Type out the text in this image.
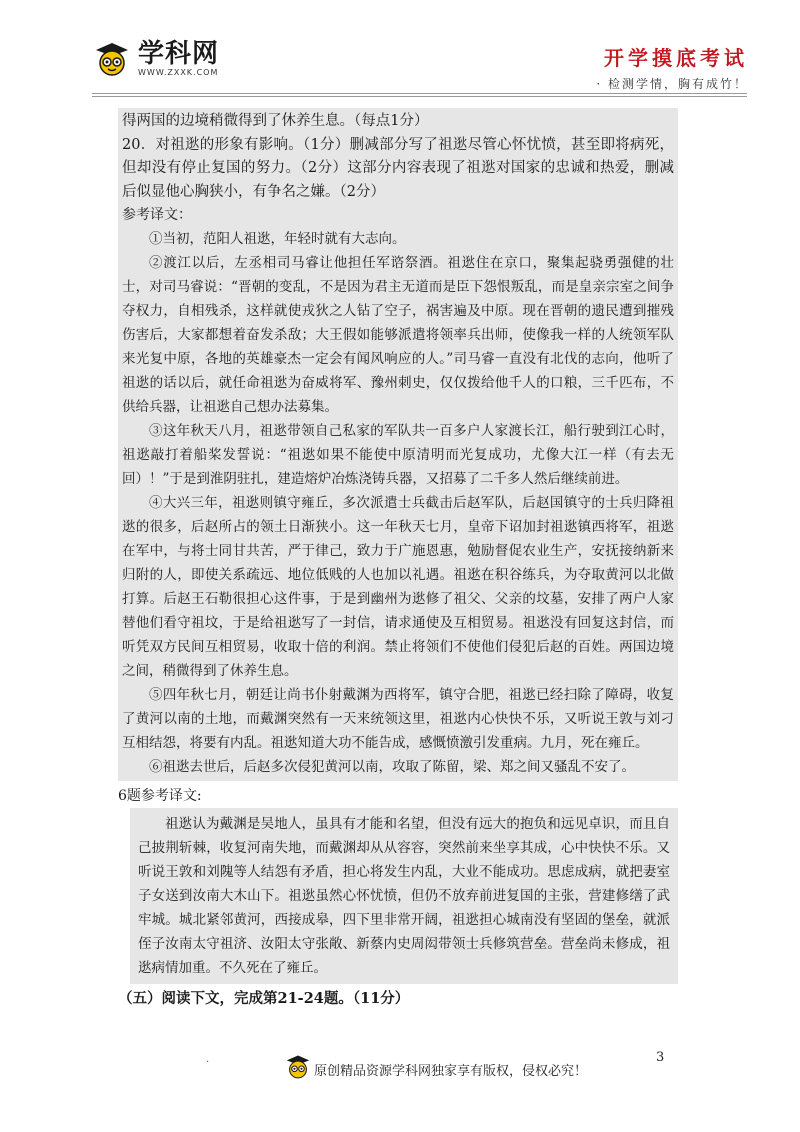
学科网
WWW.ZXXK.COM
开学摸底考试
· 检测学情，胸有成竹！

得两国的边境稍微得到了休养生息。（每点1分）

20．对祖逖的形象有影响。（1分）删减部分写了祖逖尽管心怀忧愤，甚至即将病死，但却没有停止复国的努力。（2分）这部分内容表现了祖逖对国家的忠诚和热爱，删减后似显他心胸狭小，有争名之嫌。（2分）

参考译文：

①当初，范阳人祖逖，年轻时就有大志向。

②渡江以后，左丞相司马睿让他担任军谘祭酒。祖逖住在京口，聚集起骁勇强健的壮士，对司马睿说：“晋朝的变乱，不是因为君主无道而是臣下怨恨叛乱，而是皇亲宗室之间争夺权力，自相残杀，这样就使戎狄之人钻了空子，祸害遍及中原。现在晋朝的遗民遭到摧残伤害后，大家都想着奋发杀敌；大王假如能够派遣将领率兵出师，使像我一样的人统领军队来光复中原，各地的英雄豪杰一定会有闻风响应的人。”司马睿一直没有北伐的志向，他听了祖逖的话以后，就任命祖逖为奋威将军、豫州刺史，仅仅拨给他千人的口粮，三千匹布，不供给兵器，让祖逖自己想办法募集。

③这年秋天八月，祖逖带领自己私家的军队共一百多户人家渡长江，船行驶到江心时，祖逖敲打着船桨发誓说：“祖逖如果不能使中原清明而光复成功，尤像大江一样（有去无回）！”于是到淮阴驻扎，建造熔炉冶炼浇铸兵器，又招募了二千多人然后继续前进。

④大兴三年，祖逖则镇守雍丘，多次派遣士兵截击后赵军队，后赵国镇守的士兵归降祖逖的很多，后赵所占的领土日渐狭小。这一年秋天七月，皇帝下诏加封祖逖镇西将军，祖逖在军中，与将士同甘共苦，严于律己，致力于广施恩惠，勉励督促农业生产，安抚接纳新来归附的人，即使关系疏远、地位低贱的人也加以礼遇。祖逖在积谷练兵，为夺取黄河以北做打算。后赵王石勒很担心这件事，于是到幽州为逖修了祖父、父亲的坟墓，安排了两户人家替他们看守祖坟，于是给祖逖写了一封信，请求通使及互相贸易。祖逖没有回复这封信，而听凭双方民间互相贸易，收取十倍的利润。禁止将领们不使他们侵犯后赵的百姓。两国边境之间，稍微得到了休养生息。

⑤四年秋七月，朝廷让尚书仆射戴渊为西将军，镇守合肥，祖逖已经扫除了障碍，收复了黄河以南的土地，而戴渊突然有一天来统领这里，祖逖内心快快不乐，又听说王敦与刘刁互相结怨，将要有内乱。祖逖知道大功不能告成，感慨愤激引发重病。九月，死在雍丘。

⑥祖逖去世后，后赵多次侵犯黄河以南，攻取了陈留，梁、郑之间又骚乱不安了。

6题参考译文:

祖逖认为戴渊是吴地人，虽具有才能和名望，但没有远大的抱负和远见卓识，而且自己披荆斩棘，收复河南失地，而戴渊却从从容容，突然前来坐享其成，心中快快不乐。又听说王敦和刘隗等人结怨有矛盾，担心将发生内乱，大业不能成功。思虑成病，就把妻室子女送到汝南大木山下。祖逖虽然心怀忧愤，但仍不放弃前进复国的主张，营建修缮了武牢城。城北紧邻黄河，西接成皋，四下里非常开阔，祖逖担心城南没有坚固的堡垒，就派侄子汝南太守祖济、汝阳太守张敞、新蔡内史周闳带领士兵修筑营垒。营垒尚未修成，祖逖病情加重。不久死在了雍丘。

（五）阅读下文，完成第21-24题。（11分）

.
原创精品资源学科网独家享有版权，侵权必究！
3
